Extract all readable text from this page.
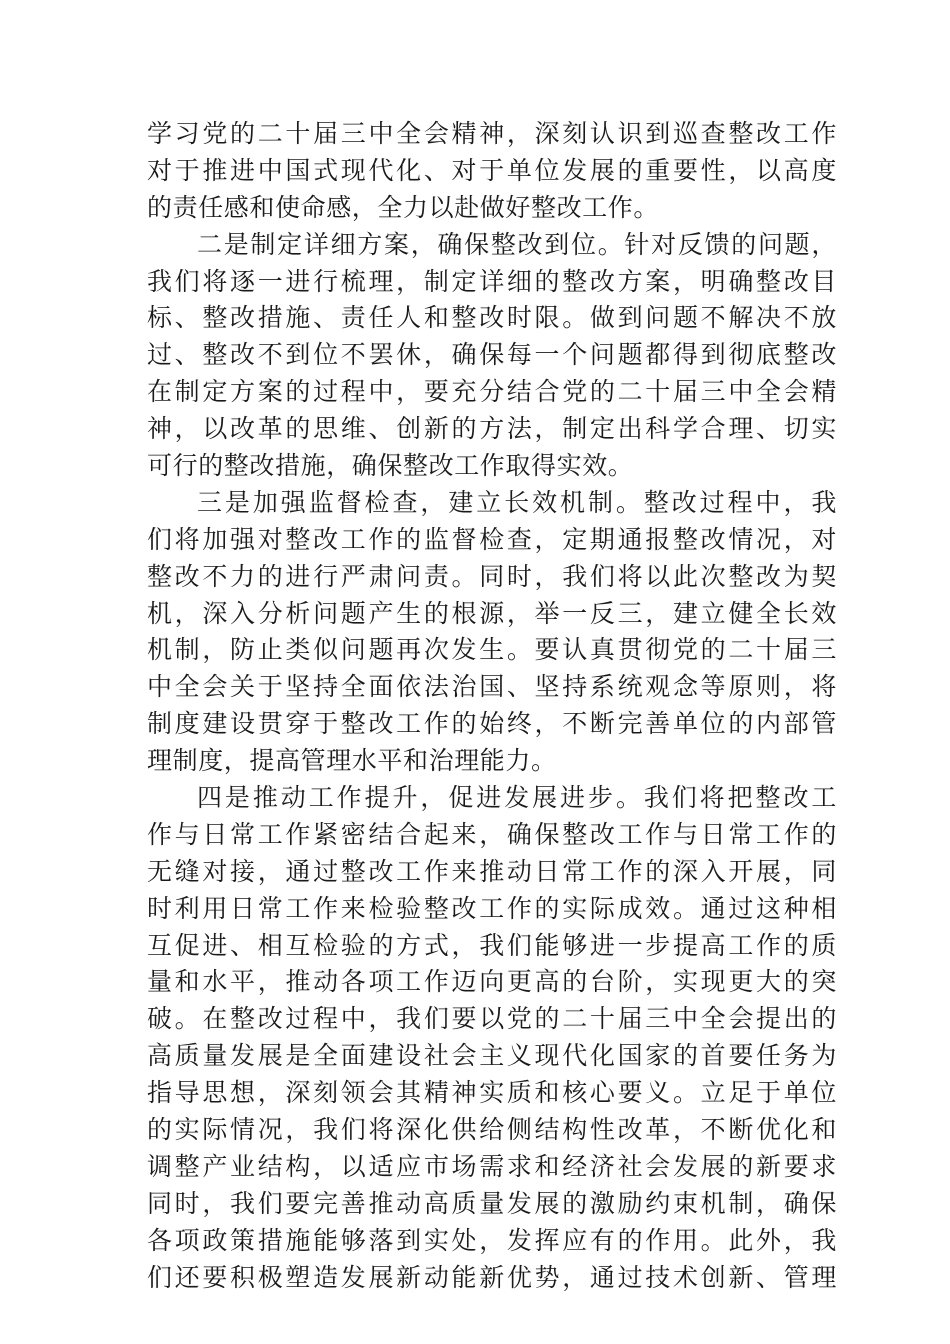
学习党的二十届三中全会精神，深刻认识到巡查整改工作
对于推进中国式现代化、对于单位发展的重要性，以高度
的责任感和使命感，全力以赴做好整改工作。
二是制定详细方案，确保整改到位。针对反馈的问题，
我们将逐一进行梳理，制定详细的整改方案，明确整改目
标、整改措施、责任人和整改时限。做到问题不解决不放
过、整改不到位不罢休，确保每一个问题都得到彻底整改
在制定方案的过程中，要充分结合党的二十届三中全会精
神，以改革的思维、创新的方法，制定出科学合理、切实
可行的整改措施，确保整改工作取得实效。
三是加强监督检查，建立长效机制。整改过程中，我
们将加强对整改工作的监督检查，定期通报整改情况，对
整改不力的进行严肃问责。同时，我们将以此次整改为契
机，深入分析问题产生的根源，举一反三，建立健全长效
机制，防止类似问题再次发生。要认真贯彻党的二十届三
中全会关于坚持全面依法治国、坚持系统观念等原则，将
制度建设贯穿于整改工作的始终，不断完善单位的内部管
理制度，提高管理水平和治理能力。
四是推动工作提升，促进发展进步。我们将把整改工
作与日常工作紧密结合起来，确保整改工作与日常工作的
无缝对接，通过整改工作来推动日常工作的深入开展，同
时利用日常工作来检验整改工作的实际成效。通过这种相
互促进、相互检验的方式，我们能够进一步提高工作的质
量和水平，推动各项工作迈向更高的台阶，实现更大的突
破。在整改过程中，我们要以党的二十届三中全会提出的
高质量发展是全面建设社会主义现代化国家的首要任务为
指导思想，深刻领会其精神实质和核心要义。立足于单位
的实际情况，我们将深化供给侧结构性改革，不断优化和
调整产业结构，以适应市场需求和经济社会发展的新要求
同时，我们要完善推动高质量发展的激励约束机制，确保
各项政策措施能够落到实处，发挥应有的作用。此外，我
们还要积极塑造发展新动能新优势，通过技术创新、管理
